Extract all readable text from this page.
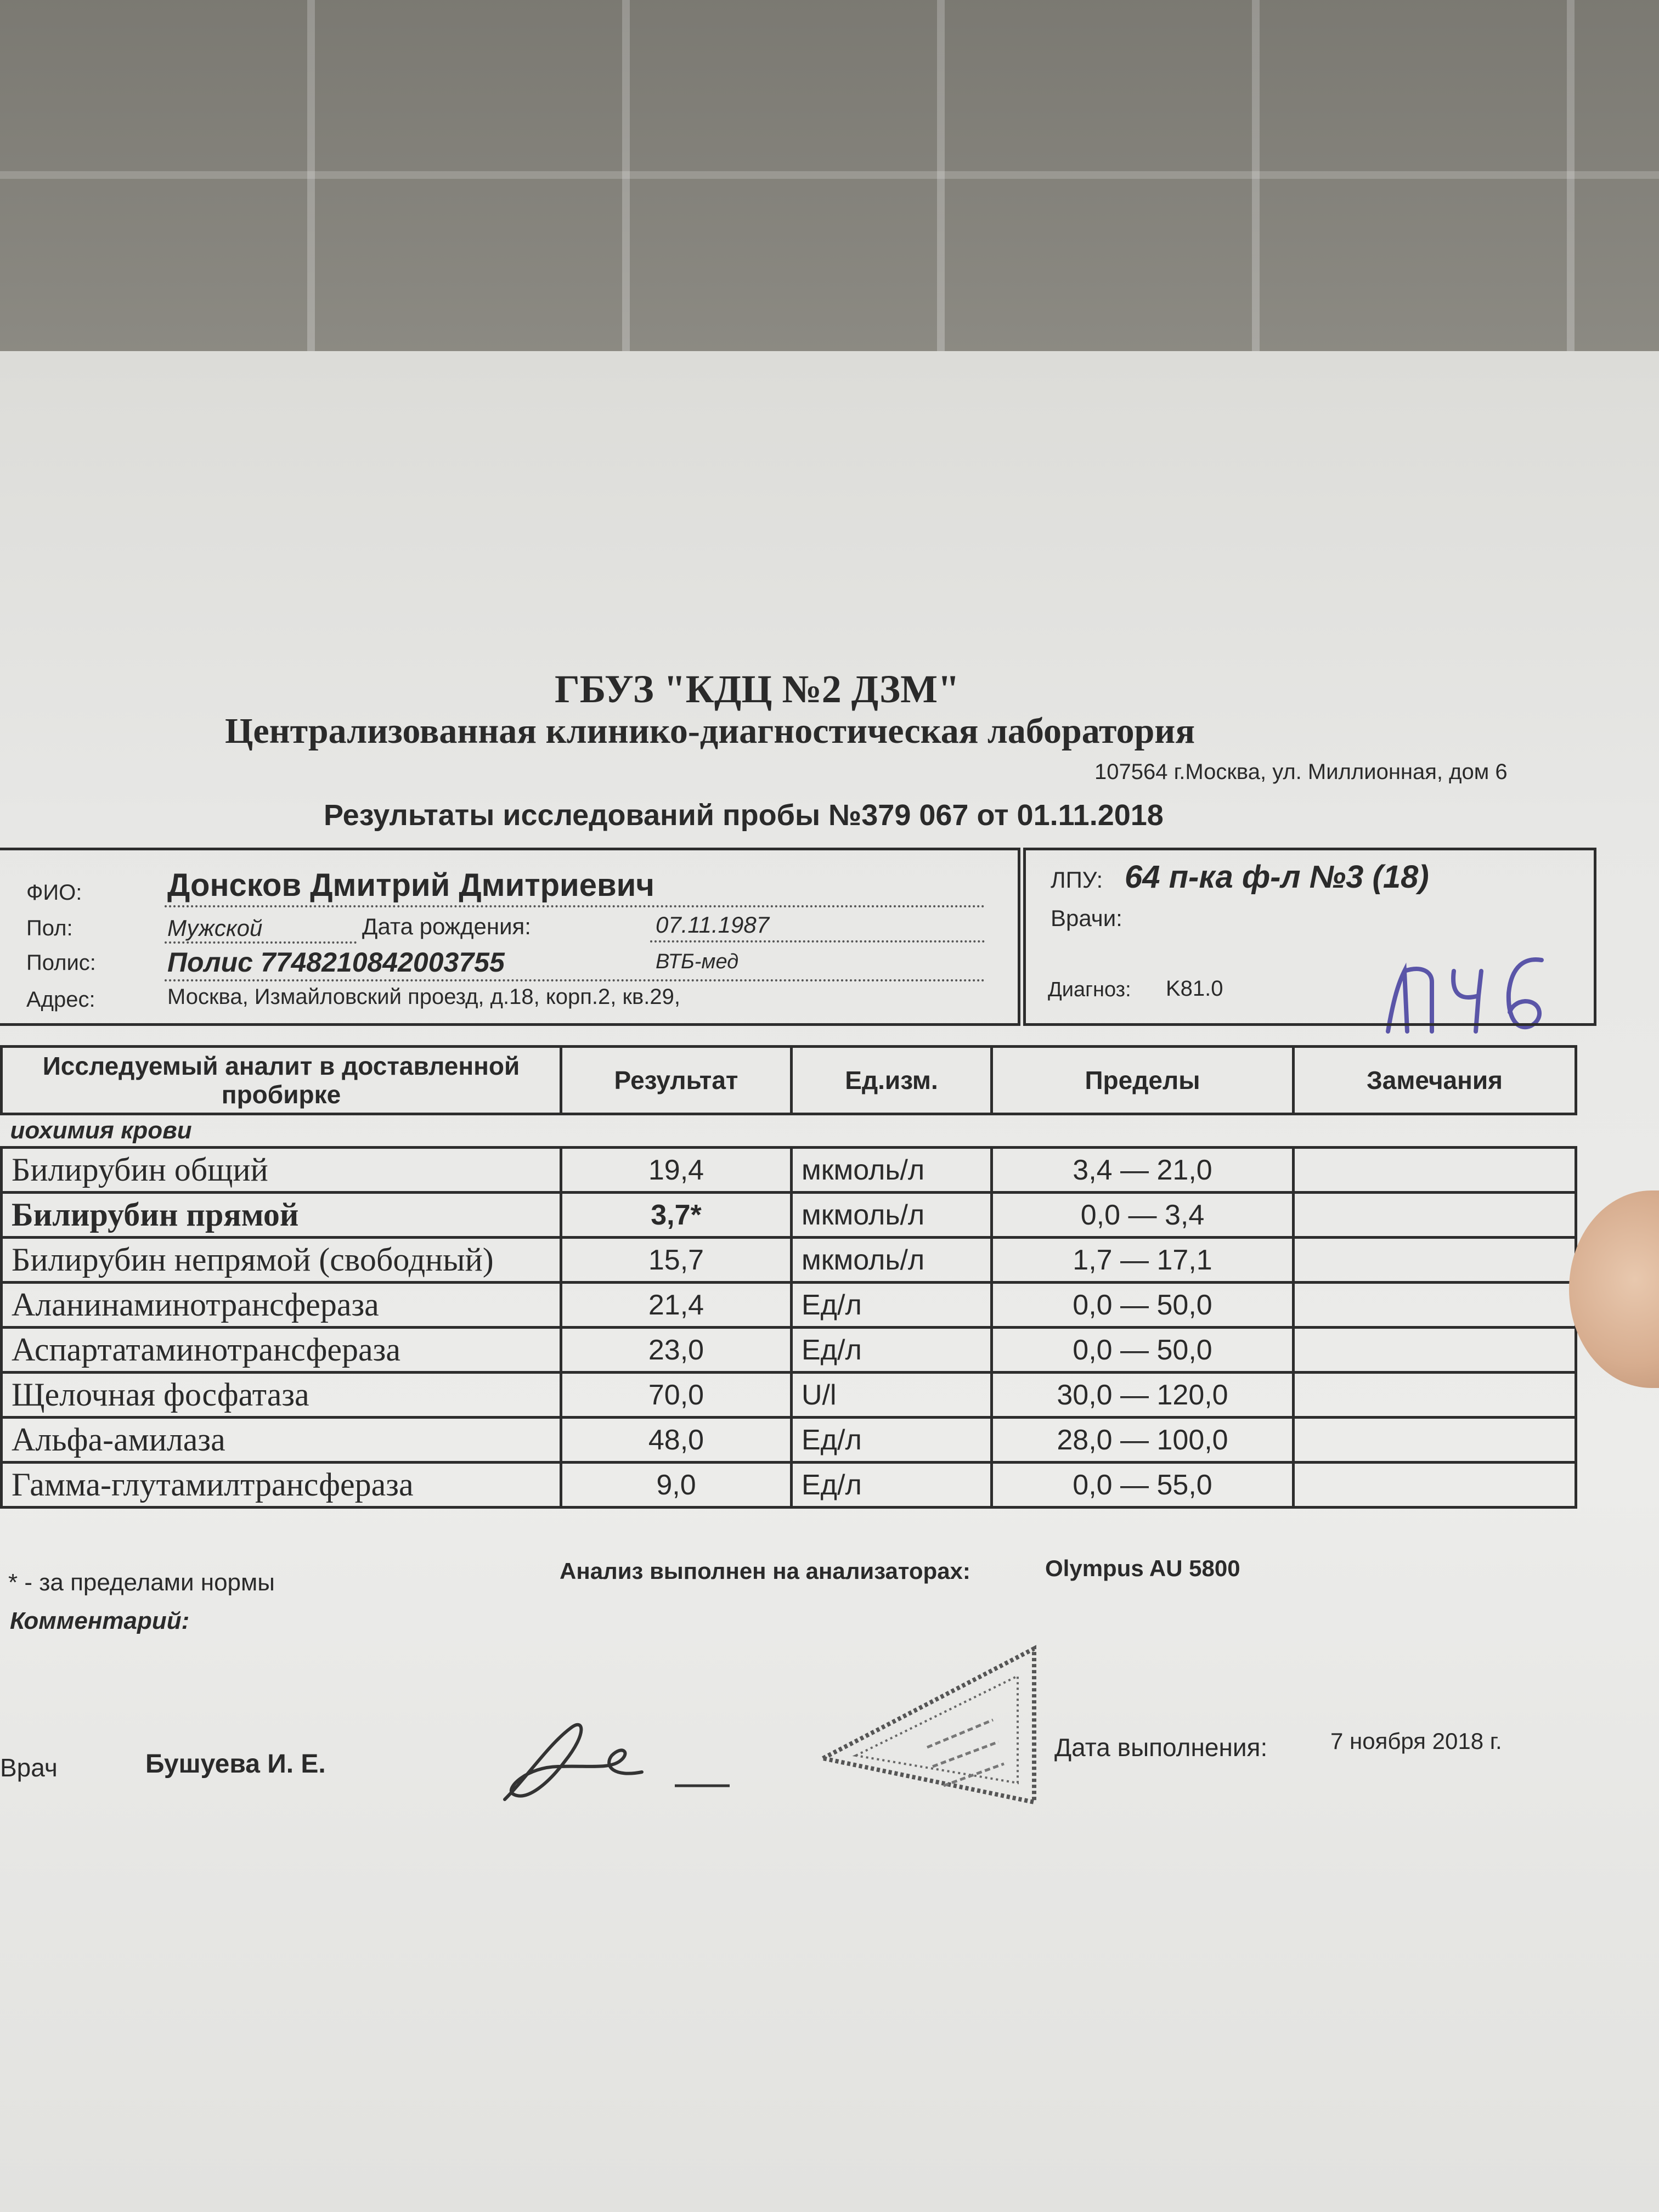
ГБУЗ "КДЦ №2 ДЗМ"
Централизованная клинико-диагностическая лаборатория
107564 г.Москва, ул. Миллионная, дом 6
Результаты исследований пробы №379 067 от 01.11.2018
ФИО:	Донсков Дмитрий Дмитриевич
Пол:	Мужской	Дата рождения:	07.11.1987
Полис:	Полис 7748210842003755	ВТБ-мед
Адрес:	Москва, Измайловский проезд, д.18, корп.2, кв.29,
ЛПУ: 64 п-ка ф-л №3 (18)
Врачи:
Диагноз: K81.0
Исследуемый аналит в доставленной пробирке	Результат	Ед.изм.	Пределы	Замечания
иохимия крови				
Билирубин общий	19,4	мкмоль/л	3,4 — 21,0	
Билирубин прямой	3,7*	мкмоль/л	0,0 — 3,4	
Билирубин непрямой (свободный)	15,7	мкмоль/л	1,7 — 17,1	
Аланинаминотрансфераза	21,4	Ед/л	0,0 — 50,0	
Аспартатаминотрансфераза	23,0	Ед/л	0,0 — 50,0	
Щелочная фосфатаза	70,0	U/l	30,0 — 120,0	
Альфа-амилаза	48,0	Ед/л	28,0 — 100,0	
Гамма-глутамилтрансфераза	9,0	Ед/л	0,0 — 55,0	
* - за пределами нормы	Анализ выполнен на анализаторах:	Olympus AU 5800
Комментарий:
Врач	Бушуева И. Е.
Дата выполнения:	7 ноября 2018 г.
